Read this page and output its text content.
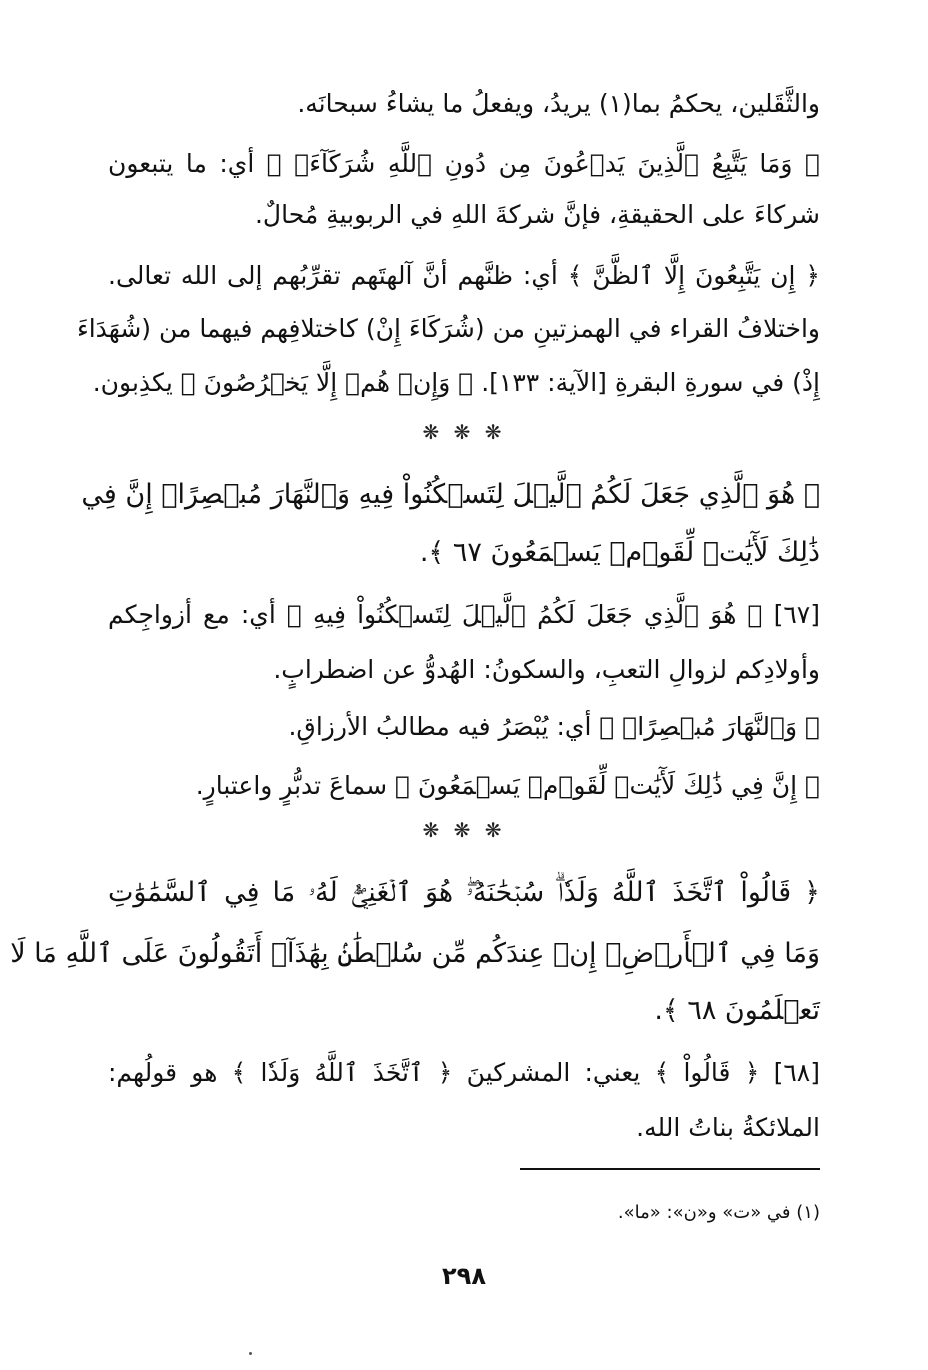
والثَّقَلين، يحكمُ بما(١) يريدُ، ويفعلُ ما يشاءُ سبحانَه.
﴿ وَمَا يَتَّبِعُ ٱلَّذِينَ يَدۡعُونَ مِن دُونِ ٱللَّهِ شُرَكَآءَۚ ﴾ أي: ما يتبعون
شركاءَ على الحقيقةِ، فإنَّ شركةَ اللهِ في الربوبيةِ مُحالٌ.
﴿ إِن يَتَّبِعُونَ إِلَّا ٱلظَّنَّ ﴾ أي: ظنَّهم أنَّ آلهتَهم تقرِّبُهم إلى الله تعالى.
واختلافُ القراء في الهمزتينِ من (شُرَكَاءَ إِنْ) كاختلافِهم فيهما من (شُهَدَاءَ
إِذْ) في سورةِ البقرةِ [الآية: ١٣٣]. ﴿ وَإِنۡ هُمۡ إِلَّا يَخۡرُصُونَ ﴾ يكذِبون.
❋ ❋ ❋
﴿ هُوَ ٱلَّذِي جَعَلَ لَكُمُ ٱلَّيۡلَ لِتَسۡكُنُواْ فِيهِ وَٱلنَّهَارَ مُبۡصِرًاۚ إِنَّ فِي
ذَٰلِكَ لَأٓيَٰتٖ لِّقَوۡمٖ يَسۡمَعُونَ ٦٧ ﴾.
[٦٧] ﴿ هُوَ ٱلَّذِي جَعَلَ لَكُمُ ٱلَّيۡلَ لِتَسۡكُنُواْ فِيهِ ﴾ أي: مع أزواجِكم
وأولادِكم لزوالِ التعبِ، والسكونُ: الهُدوُّ عن اضطرابٍ.
﴿ وَٱلنَّهَارَ مُبۡصِرًاۚ ﴾ أي: يُبْصَرُ فيه مطالبُ الأرزاقِ.
﴿ إِنَّ فِي ذَٰلِكَ لَأٓيَٰتٖ لِّقَوۡمٖ يَسۡمَعُونَ ﴾ سماعَ تدبُّرٍ واعتبارٍ.
❋ ❋ ❋
﴿ قَالُواْ ٱتَّخَذَ ٱللَّهُ وَلَدٗاۗ سُبۡحَٰنَهُۥۖ هُوَ ٱلۡغَنِيُّۖ لَهُۥ مَا فِي ٱلسَّمَٰوَٰتِ
وَمَا فِي ٱلۡأَرۡضِۚ إِنۡ عِندَكُم مِّن سُلۡطَٰنِۢ بِهَٰذَآۚ أَتَقُولُونَ عَلَى ٱللَّهِ مَا لَا
تَعۡلَمُونَ ٦٨ ﴾.
[٦٨] ﴿ قَالُواْ ﴾ يعني: المشركينَ ﴿ ٱتَّخَذَ ٱللَّهُ وَلَدٗا ﴾ هو قولُهم:
الملائكةُ بناتُ الله.
(١) في «ت» و«ن»: «ما».
٢٩٨
